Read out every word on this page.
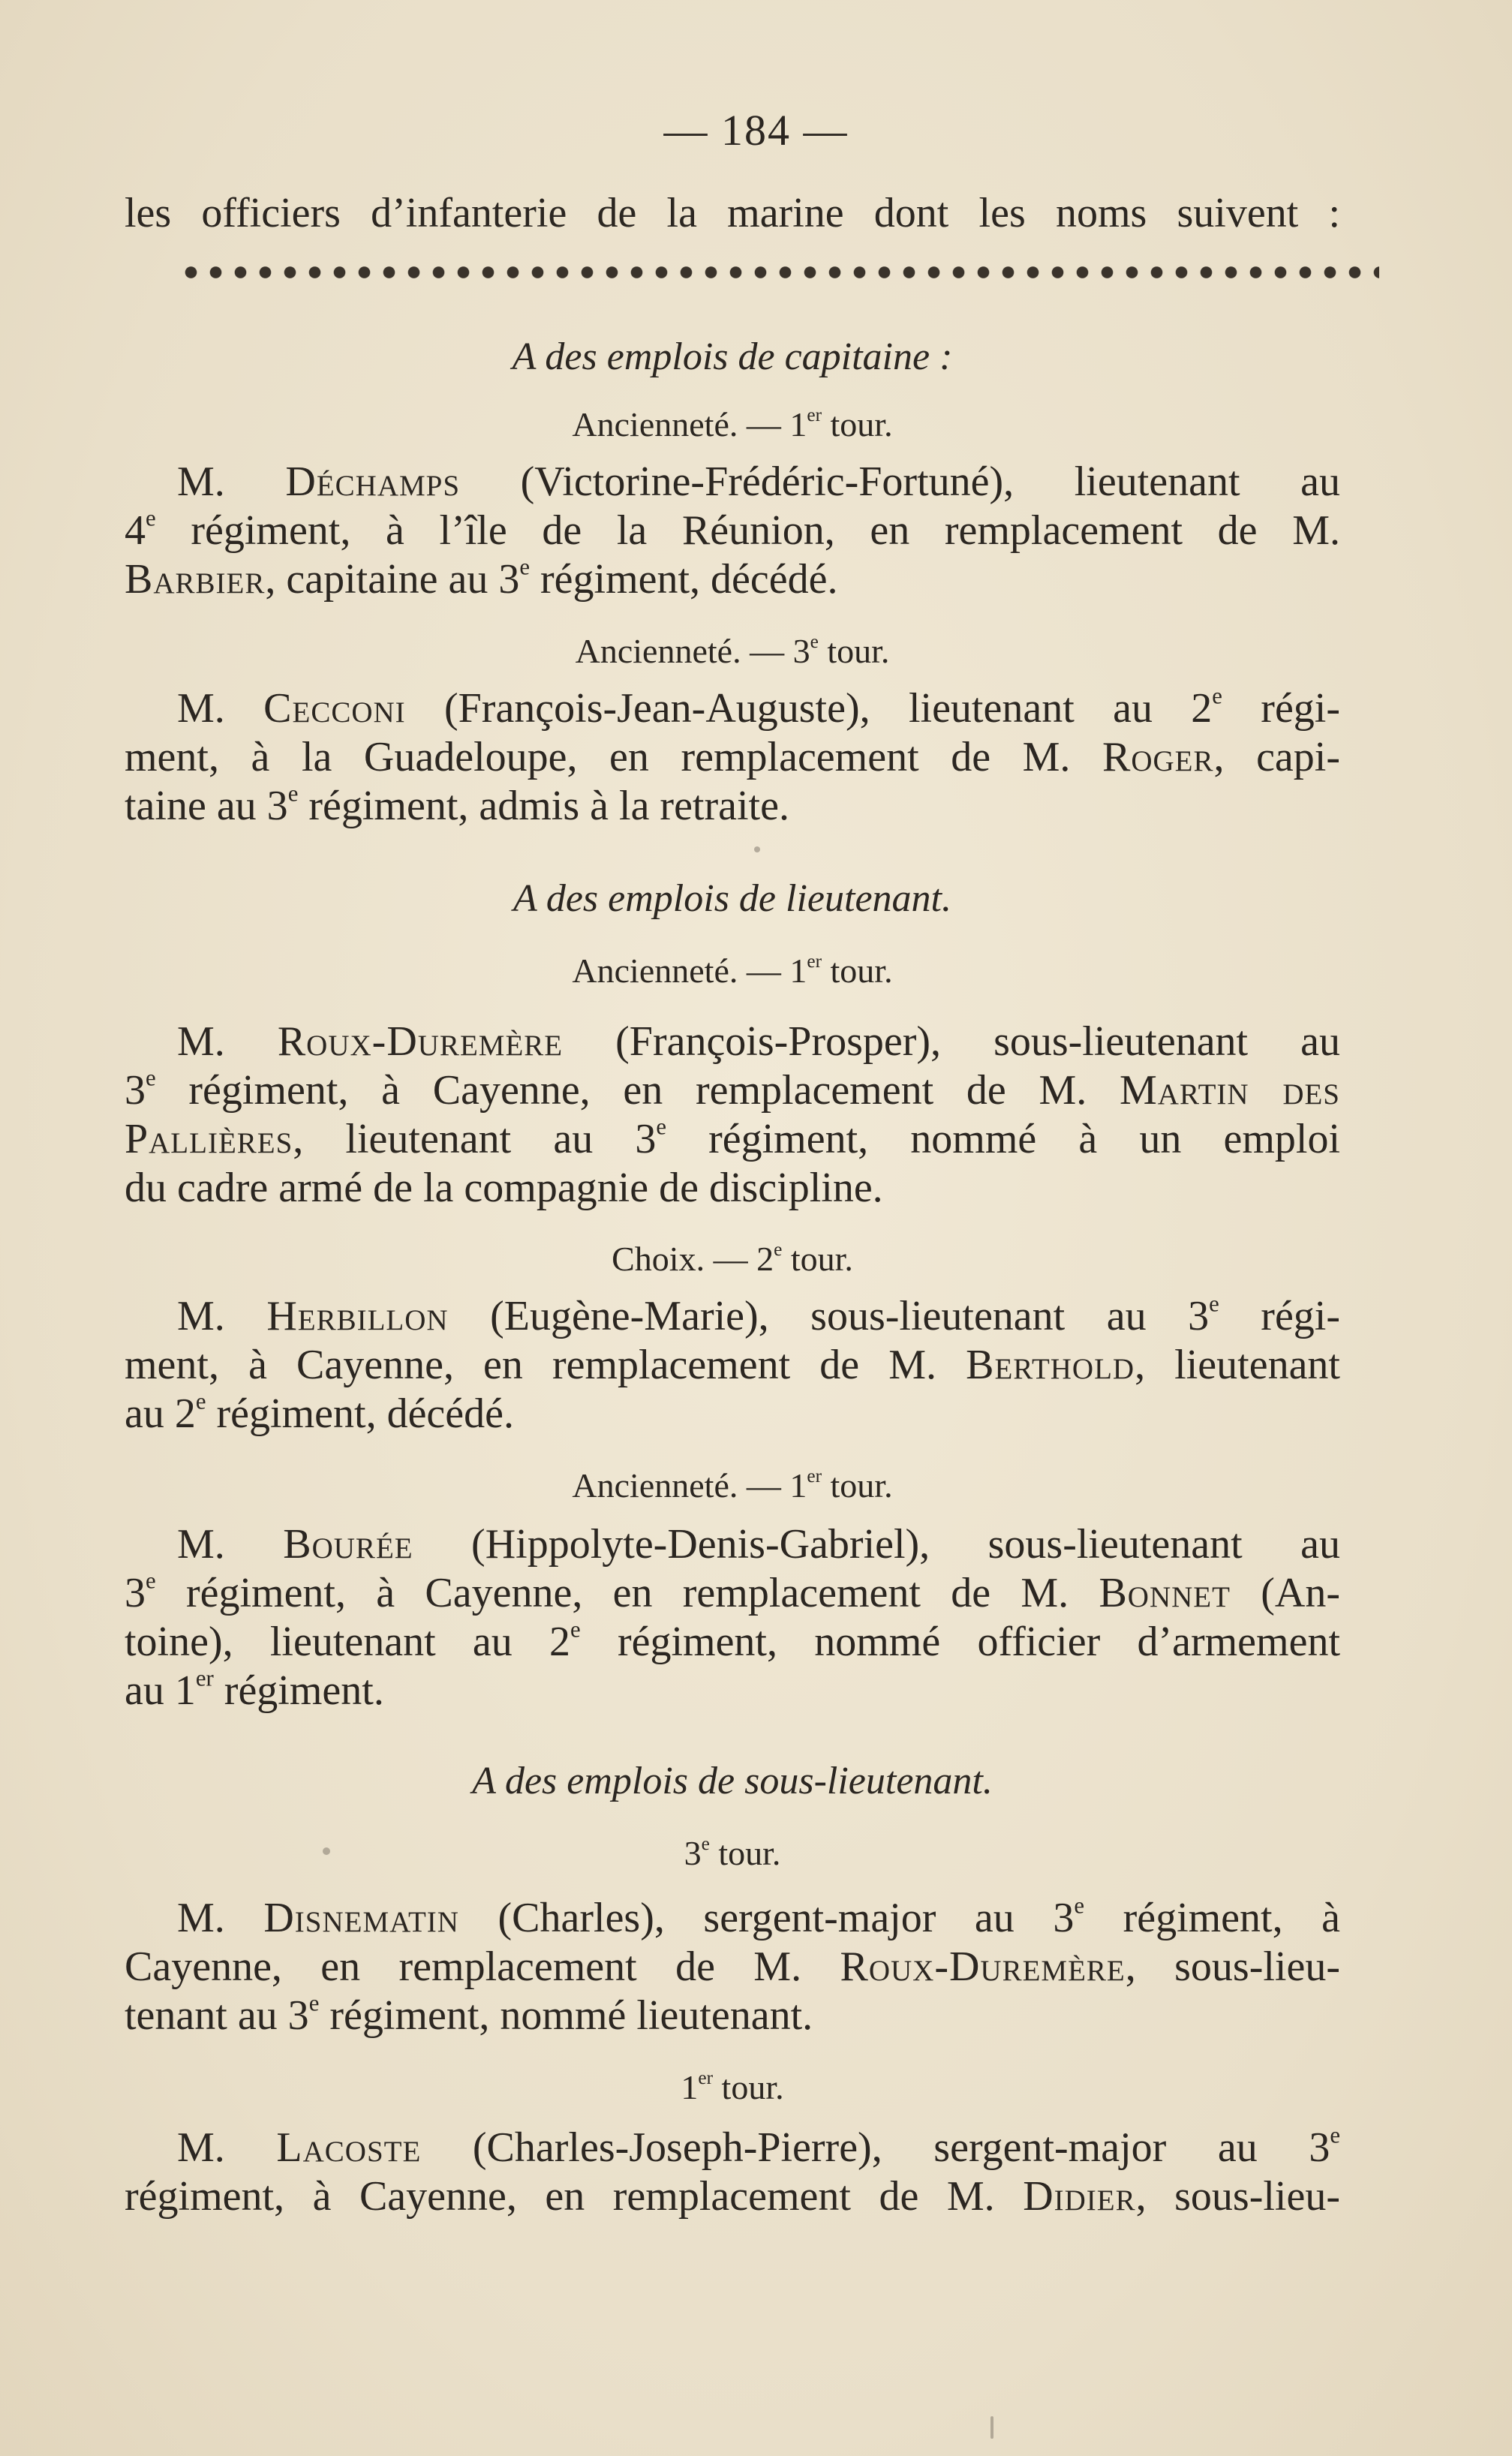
— 184 —
les officiers d’infanterie de la marine dont les noms suivent :
A des emplois de capitaine :
Ancienneté. — 1er tour.
M. Déchamps (Victorine-Frédéric-Fortuné), lieutenant au
4e régiment, à l’île de la Réunion, en remplacement de M.
Barbier, capitaine au 3e régiment, décédé.
Ancienneté. — 3e tour.
M. Cecconi (François-Jean-Auguste), lieutenant au 2e régi-
ment, à la Guadeloupe, en remplacement de M. Roger, capi-
taine au 3e régiment, admis à la retraite.
A des emplois de lieutenant.
Ancienneté. — 1er tour.
M. Roux-Duremère (François-Prosper), sous-lieutenant au
3e régiment, à Cayenne, en remplacement de M. Martin des
Pallières, lieutenant au 3e régiment, nommé à un emploi
du cadre armé de la compagnie de discipline.
Choix. — 2e tour.
M. Herbillon (Eugène-Marie), sous-lieutenant au 3e régi-
ment, à Cayenne, en remplacement de M. Berthold, lieutenant
au 2e régiment, décédé.
Ancienneté. — 1er tour.
M. Bourée (Hippolyte-Denis-Gabriel), sous-lieutenant au
3e régiment, à Cayenne, en remplacement de M. Bonnet (An-
toine), lieutenant au 2e régiment, nommé officier d’armement
au 1er régiment.
A des emplois de sous-lieutenant.
3e tour.
M. Disnematin (Charles), sergent-major au 3e régiment, à
Cayenne, en remplacement de M. Roux-Duremère, sous-lieu-
tenant au 3e régiment, nommé lieutenant.
1er tour.
M. Lacoste (Charles-Joseph-Pierre), sergent-major au 3e
régiment, à Cayenne, en remplacement de M. Didier, sous-lieu-
